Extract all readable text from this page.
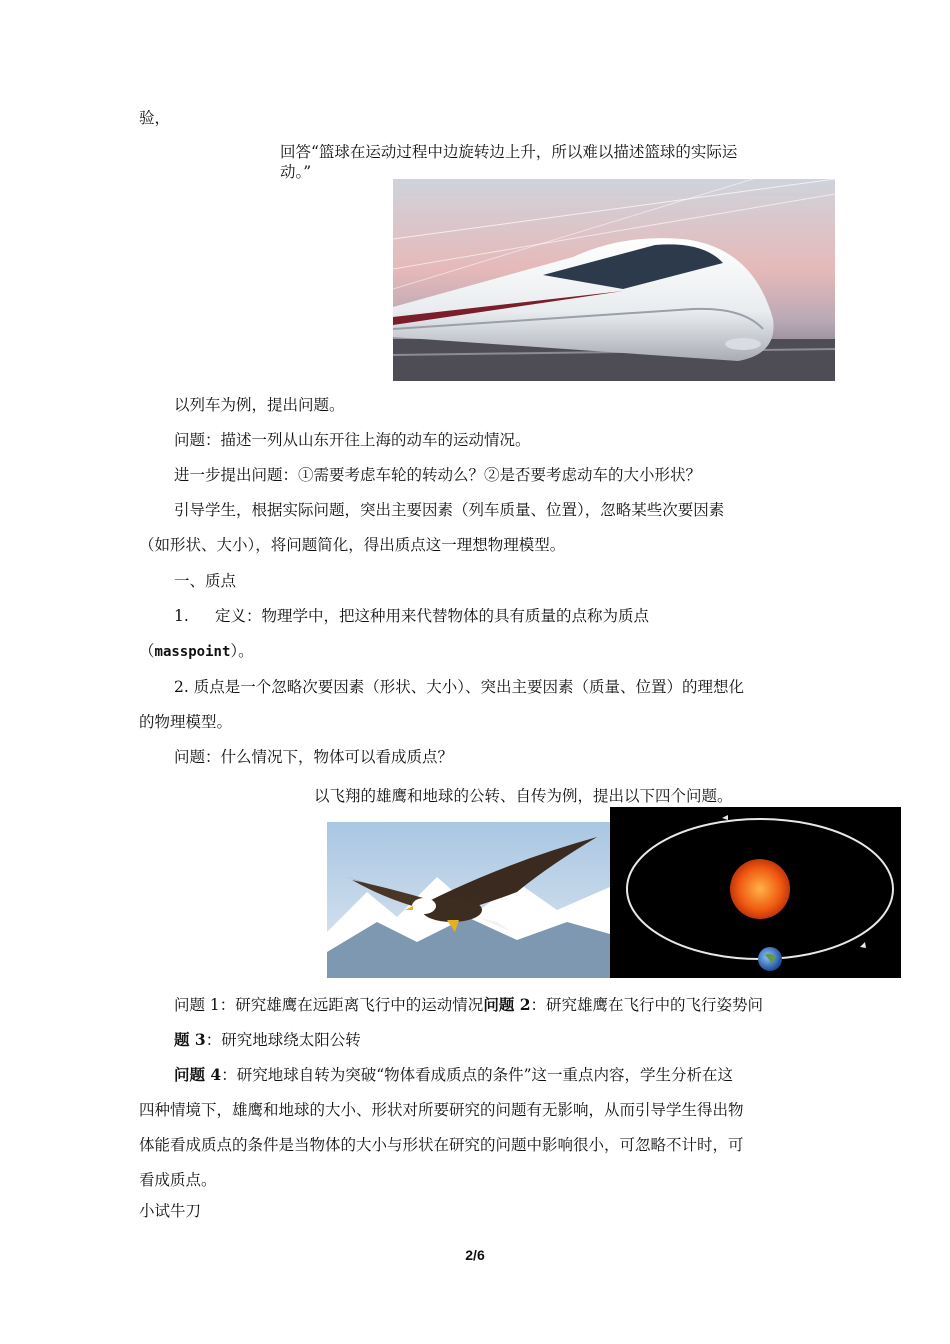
验，
回答“篮球在运动过程中边旋转边上升，所以难以描述篮球的实际运
动。”
以列车为例，提出问题。
问题：描述一列从山东开往上海的动车的运动情况。
进一步提出问题：①需要考虑车轮的转动么？②是否要考虑动车的大小形状？
引导学生，根据实际问题，突出主要因素（列车质量、位置），忽略某些次要因素
（如形状、大小），将问题简化，得出质点这一理想物理模型。
一、质点
1. 定义：物理学中，把这种用来代替物体的具有质量的点称为质点
（masspoint）。
2. 质点是一个忽略次要因素（形状、大小）、突出主要因素（质量、位置）的理想化
的物理模型。
问题：什么情况下，物体可以看成质点？
以飞翔的雄鹰和地球的公转、自传为例，提出以下四个问题。
问题 1：研究雄鹰在远距离飞行中的运动情况问题 2：研究雄鹰在飞行中的飞行姿势问
题 3：研究地球绕太阳公转
问题 4：研究地球自转为突破“物体看成质点的条件”这一重点内容，学生分析在这
四种情境下，雄鹰和地球的大小、形状对所要研究的问题有无影响，从而引导学生得出物
体能看成质点的条件是当物体的大小与形状在研究的问题中影响很小，可忽略不计时，可
看成质点。
小试牛刀
2/6
